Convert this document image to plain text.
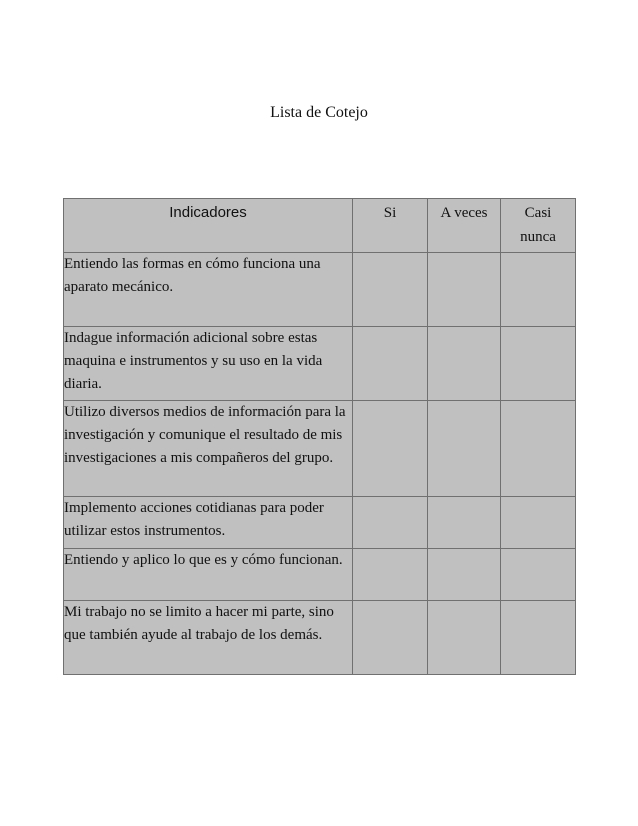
Lista de Cotejo
Indicadores	Si	A veces	Casi
nunca
Entiendo las formas en cómo funciona una aparato mecánico.			
Indague información adicional sobre estas maquina e instrumentos y su uso en la vida diaria.			
Utilizo diversos medios de información para la investigación y comunique el resultado de mis investigaciones a mis compañeros del grupo.			
Implemento acciones cotidianas para poder utilizar estos instrumentos.			
Entiendo y aplico lo que es y cómo funcionan.			
Mi trabajo no se limito a hacer mi parte, sino que también ayude al trabajo de los demás.			
